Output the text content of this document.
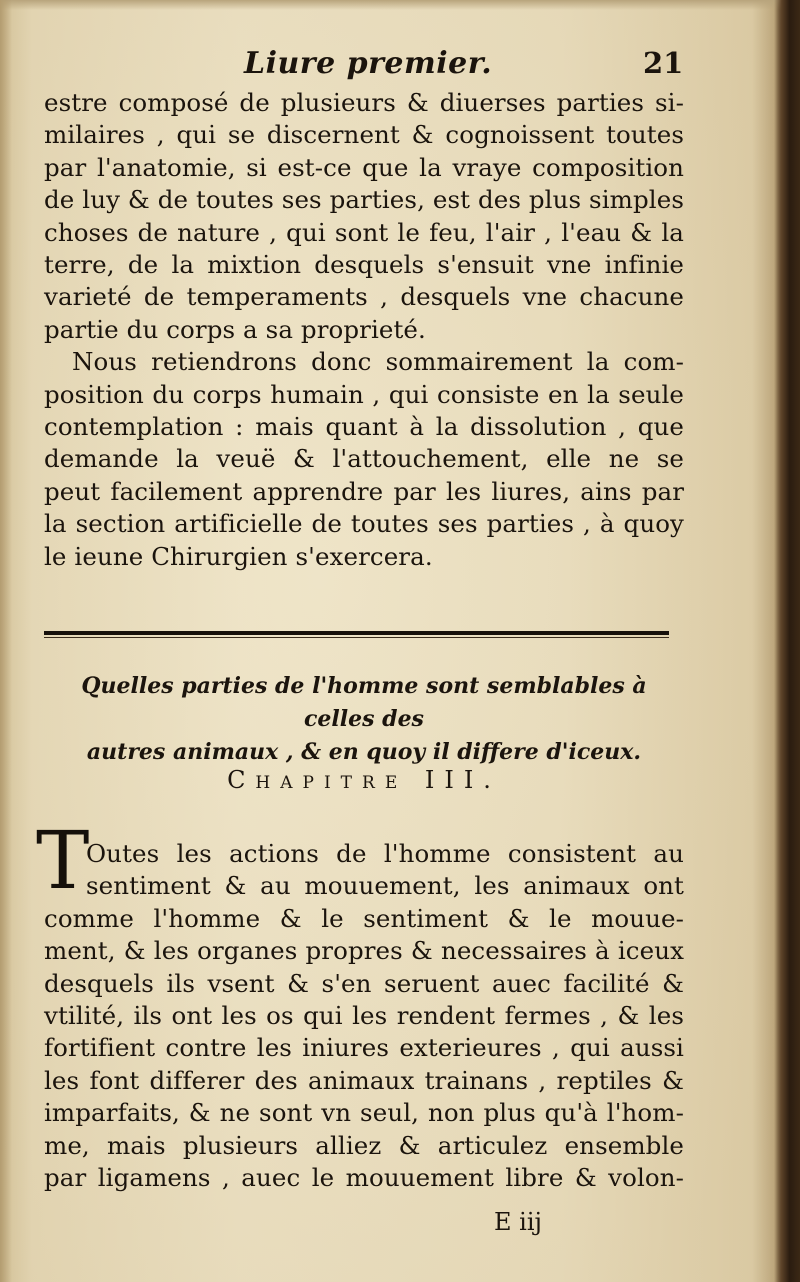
Liure premier.	21
estre composé de plusieurs & diuerses parties si-
milaires , qui se discernent & cognoissent toutes
par l'anatomie, si est-ce que la vraye composition
de luy & de toutes ses parties, est des plus simples
choses de nature , qui sont le feu, l'air , l'eau & la
terre, de la mixtion desquels s'ensuit vne infinie
varieté de temperaments , desquels vne chacune
partie du corps a sa proprieté.
Nous retiendrons donc sommairement la com-
position du corps humain , qui consiste en la seule
contemplation : mais quant à la dissolution , que
demande la veuë & l'attouchement, elle ne se
peut facilement apprendre par les liures, ains par
la section artificielle de toutes ses parties , à quoy
le ieune Chirurgien s'exercera.
Quelles parties de l'homme sont semblables à celles des
autres animaux , & en quoy il differe d'iceux.
Chapitre III.
T
Outes les actions de l'homme consistent au
sentiment & au mouuement, les animaux ont
comme l'homme & le sentiment & le mouue-
ment, & les organes propres & necessaires à iceux
desquels ils vsent & s'en seruent auec facilité &
vtilité, ils ont les os qui les rendent fermes , & les
fortifient contre les iniures exterieures , qui aussi
les font differer des animaux trainans , reptiles &
imparfaits, & ne sont vn seul, non plus qu'à l'hom-
me, mais plusieurs alliez & articulez ensemble
par ligamens , auec le mouuement libre & volon-
E iij
